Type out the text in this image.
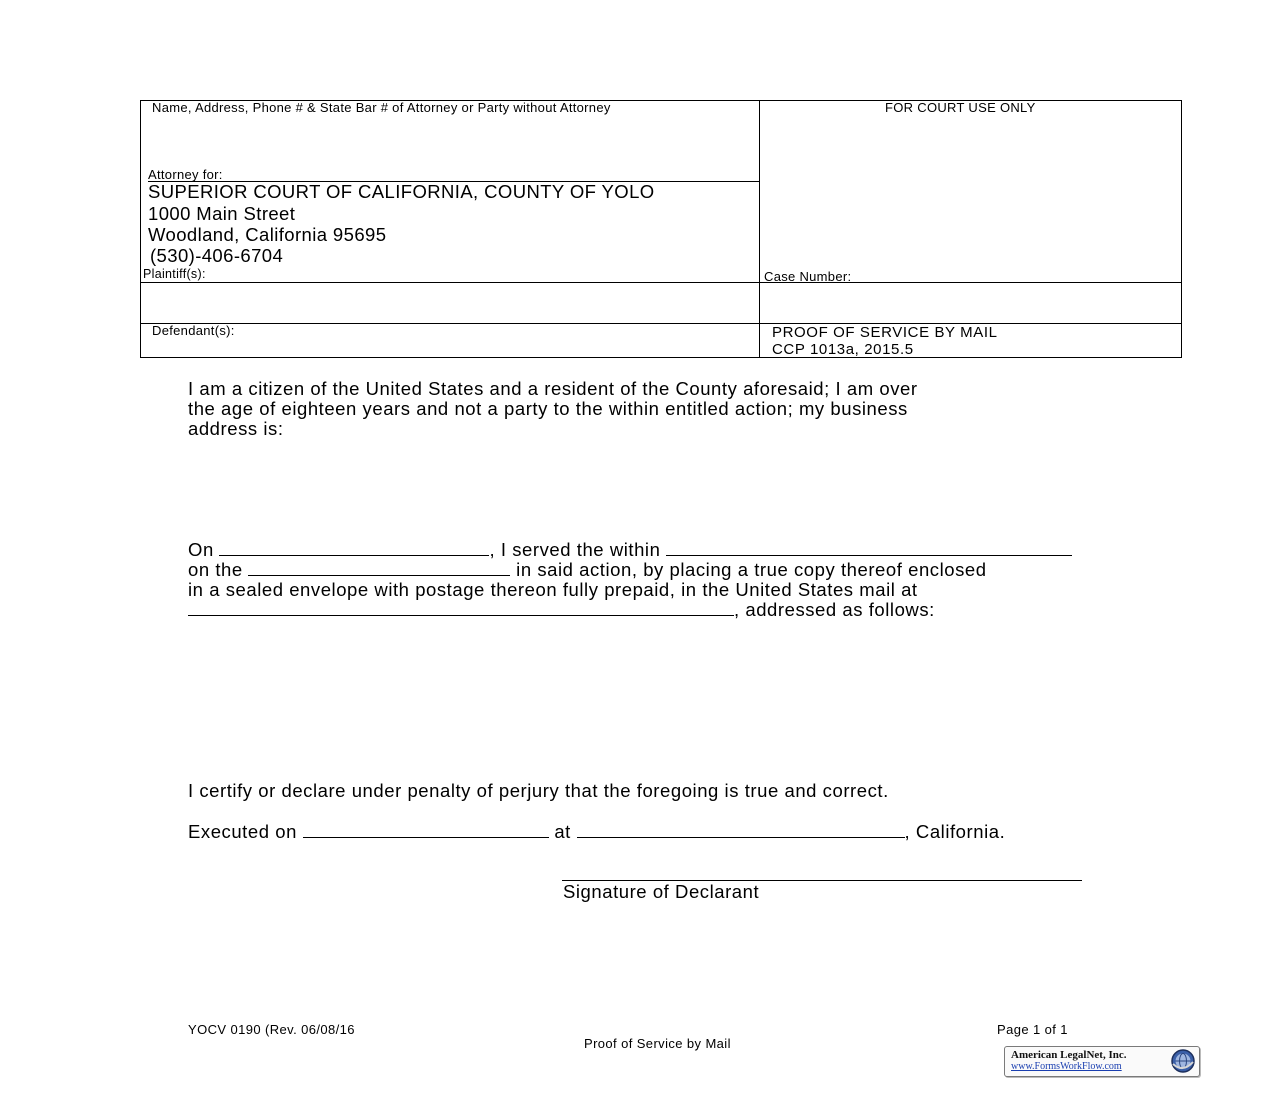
Name, Address, Phone # & State Bar # of Attorney or Party without Attorney	FOR COURT USE ONLY
Attorney for:
SUPERIOR COURT OF CALIFORNIA, COUNTY OF YOLO
1000 Main Street
Woodland, California 95695
(530)-406-6704
Plaintiff(s):	Case Number:
Defendant(s):	PROOF OF SERVICE BY MAIL
CCP 1013a, 2015.5
I am a citizen of the United States and a resident of the County aforesaid; I am over
the age of eighteen years and not a party to the within entitled action; my business
address is:
On	, I served the within
on the	in said action, by placing a true copy thereof enclosed
in a sealed envelope with postage thereon fully prepaid, in the United States mail at
, addressed as follows:
I certify or declare under penalty of perjury that the foregoing is true and correct.
Executed on	at	, California.
Signature of Declarant
YOCV 0190 (Rev. 06/08/16	Page 1 of 1
Proof of Service by Mail
American LegalNet, Inc.
www.FormsWorkFlow.com
